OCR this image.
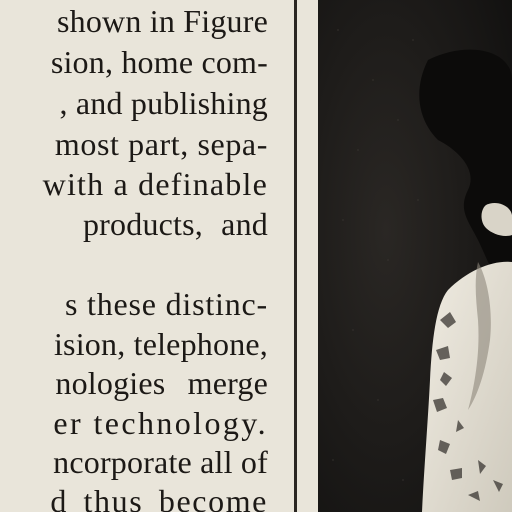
shown in Figure
sion, home com-
, and publishing
most part, sepa-
with a definable
products, and
s these distinc-
ision, telephone,
nologies merge
er technology.
ncorporate all of
d thus become
